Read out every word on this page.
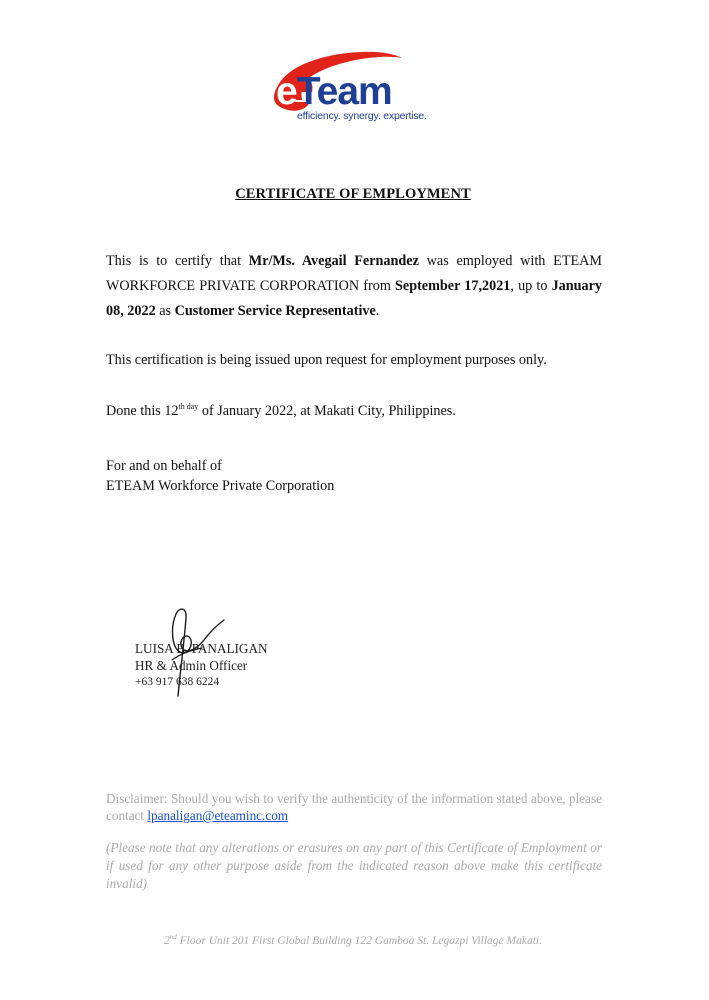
eTeam
efficiency. synergy. expertise.
CERTIFICATE OF EMPLOYMENT
This is to certify that Mr/Ms. Avegail Fernandez was employed with ETEAM WORKFORCE PRIVATE CORPORATION from September 17,2021, up to January 08, 2022 as Customer Service Representative.
This certification is being issued upon request for employment purposes only.
Done this $12^{th day}$ of January 2022, at Makati City, Philippines.
For and on behalf of
ETEAM Workforce Private Corporation
LUISA B. PANALIGAN
HR & Admin Officer
+63 917 638 6224
Disclaimer: Should you wish to verify the authenticity of the information stated above, please contact lpanaligan@eteaminc.com
(Please note that any alterations or erasures on any part of this Certificate of Employment or if used for any other purpose aside from the indicated reason above make this certificate invalid)
2nd Floor Unit 201 First Global Building 122 Gamboa St. Legazpi Village Makati.
